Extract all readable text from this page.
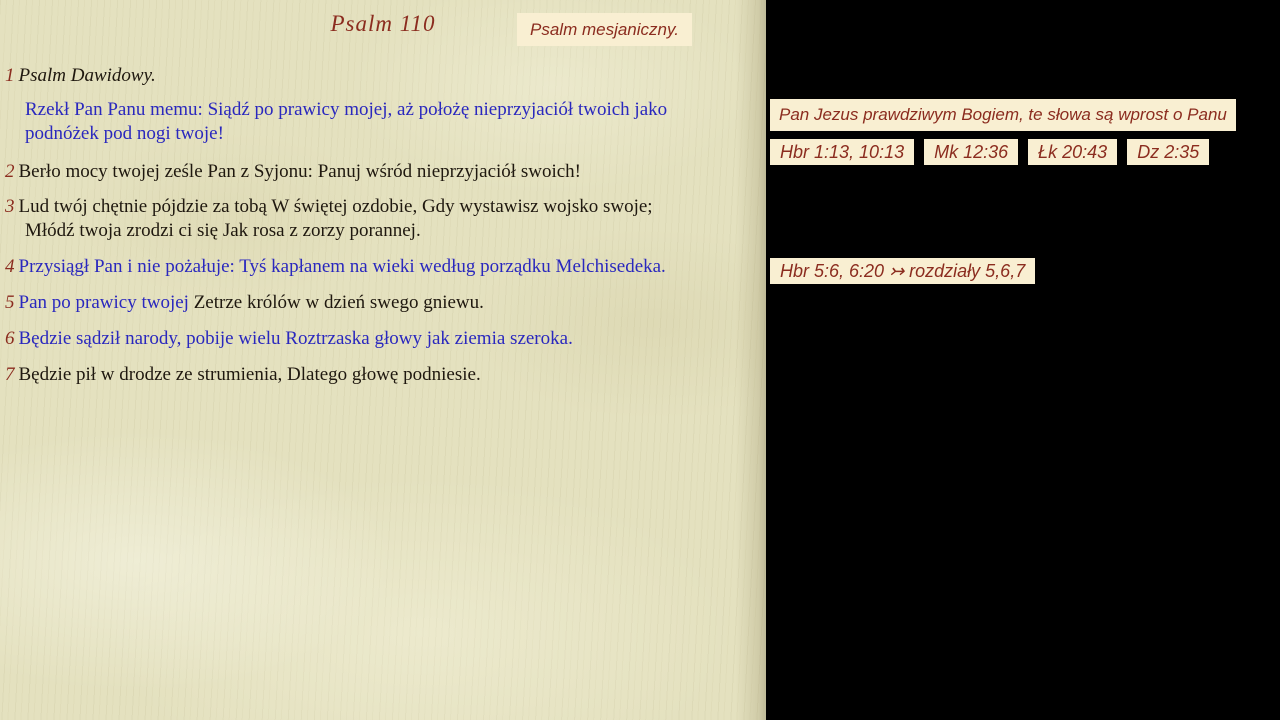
Psalm 110	Psalm mesjaniczny.
1 Psalm Dawidowy.
Rzekł Pan Panu memu: Siądź po prawicy mojej, aż położę nieprzyjaciół twoich jako
podnóżek pod nogi twoje!
2 Berło mocy twojej ześle Pan z Syjonu: Panuj wśród nieprzyjaciół swoich!
3 Lud twój chętnie pójdzie za tobą W świętej ozdobie, Gdy wystawisz wojsko swoje;
Młódź twoja zrodzi ci się Jak rosa z zorzy porannej.
4 Przysiągł Pan i nie pożałuje: Tyś kapłanem na wieki według porządku Melchisedeka.
5 Pan po prawicy twojej Zetrze królów w dzień swego gniewu.
6 Będzie sądził narody, pobije wielu Roztrzaska głowy jak ziemia szeroka.
7 Będzie pił w drodze ze strumienia, Dlatego głowę podniesie.
Pan Jezus prawdziwym Bogiem, te słowa są wprost o Panu
Hbr 1:13, 10:13	Mk 12:36	Łk 20:43	Dz 2:35
Hbr 5:6, 6:20 ↣ rozdziały 5,6,7
